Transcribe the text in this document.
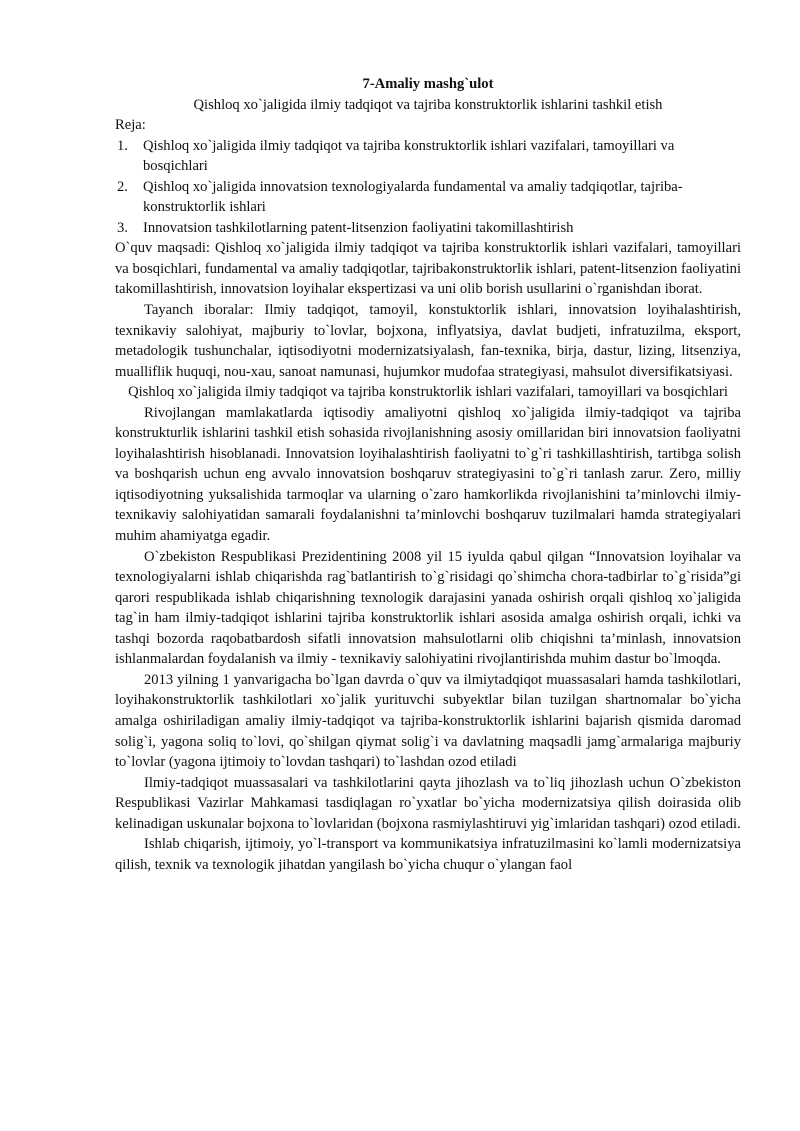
7-Amaliy mashg`ulot

Qishloq xo`jaligida ilmiy tadqiqot va tajriba konstruktorlik ishlarini tashkil etish

Reja:

1. Qishloq xo`jaligida ilmiy tadqiqot va tajriba konstruktorlik ishlari vazifalari, tamoyillari va bosqichlari
2. Qishloq xo`jaligida innovatsion texnologiyalarda fundamental va amaliy tadqiqotlar, tajriba-konstruktorlik ishlari
3. Innovatsion tashkilotlarning patent-litsenzion faoliyatini takomillashtirish

O`quv maqsadi: Qishloq xo`jaligida ilmiy tadqiqot va tajriba konstruktorlik ishlari vazifalari, tamoyillari va bosqichlari, fundamental va amaliy tadqiqotlar, tajribakonstruktorlik ishlari, patent-litsenzion faoliyatini takomillashtirish, innovatsion loyihalar ekspertizasi va uni olib borish usullarini o`rganishdan iborat.

Tayanch iboralar: Ilmiy tadqiqot, tamoyil, konstuktorlik ishlari, innovatsion loyihalashtirish, texnikaviy salohiyat, majburiy to`lovlar, bojxona, inflyatsiya, davlat budjeti, infratuzilma, eksport, metadologik tushunchalar, iqtisodiyotni modernizatsiyalash, fan-texnika, birja, dastur, lizing, litsenziya, mualliflik huquqi, nou-xau, sanoat namunasi, hujumkor mudofaa strategiyasi, mahsulot diversifikatsiyasi.

Qishloq xo`jaligida ilmiy tadqiqot va tajriba konstruktorlik ishlari vazifalari, tamoyillari va bosqichlari

Rivojlangan mamlakatlarda iqtisodiy amaliyotni qishloq xo`jaligida ilmiy-tadqiqot va tajriba konstrukturlik ishlarini tashkil etish sohasida rivojlanishning asosiy omillaridan biri innovatsion faoliyatni loyihalashtirish hisoblanadi. Innovatsion loyihalashtirish faoliyatni to`g`ri tashkillashtirish, tartibga solish va boshqarish uchun eng avvalo innovatsion boshqaruv strategiyasini to`g`ri tanlash zarur. Zero, milliy iqtisodiyotning yuksalishida tarmoqlar va ularning o`zaro hamkorlikda rivojlanishini ta’minlovchi ilmiy-texnikaviy salohiyatidan samarali foydalanishni ta’minlovchi boshqaruv tuzilmalari hamda strategiyalari muhim ahamiyatga egadir.

O`zbekiston Respublikasi Prezidentining 2008 yil 15 iyulda qabul qilgan “Innovatsion loyihalar va texnologiyalarni ishlab chiqarishda rag`batlantirish to`g`risidagi qo`shimcha chora-tadbirlar to`g`risida”gi qarori respublikada ishlab chiqarishning texnologik darajasini yanada oshirish orqali qishloq xo`jaligida tag`in ham ilmiy-tadqiqot ishlarini tajriba konstruktorlik ishlari asosida amalga oshirish orqali, ichki va tashqi bozorda raqobatbardosh sifatli innovatsion mahsulotlarni olib chiqishni ta’minlash, innovatsion ishlanmalardan foydalanish va ilmiy - texnikaviy salohiyatini rivojlantirishda muhim dastur bo`lmoqda.

2013 yilning 1 yanvarigacha bo`lgan davrda o`quv va ilmiytadqiqot muassasalari hamda tashkilotlari, loyihakonstruktorlik tashkilotlari xo`jalik yurituvchi subyektlar bilan tuzilgan shartnomalar bo`yicha amalga oshiriladigan amaliy ilmiy-tadqiqot va tajriba-konstruktorlik ishlarini bajarish qismida daromad solig`i, yagona soliq to`lovi, qo`shilgan qiymat solig`i va davlatning maqsadli jamg`armalariga majburiy to`lovlar (yagona ijtimoiy to`lovdan tashqari) to`lashdan ozod etiladi

Ilmiy-tadqiqot muassasalari va tashkilotlarini qayta jihozlash va to`liq jihozlash uchun O`zbekiston Respublikasi Vazirlar Mahkamasi tasdiqlagan ro`yxatlar bo`yicha modernizatsiya qilish doirasida olib kelinadigan uskunalar bojxona to`lovlaridan (bojxona rasmiylashtiruvi yig`imlaridan tashqari) ozod etiladi.

Ishlab chiqarish, ijtimoiy, yo`l-transport va kommunikatsiya infratuzilmasini ko`lamli modernizatsiya qilish, texnik va texnologik jihatdan yangilash bo`yicha chuqur o`ylangan faol
